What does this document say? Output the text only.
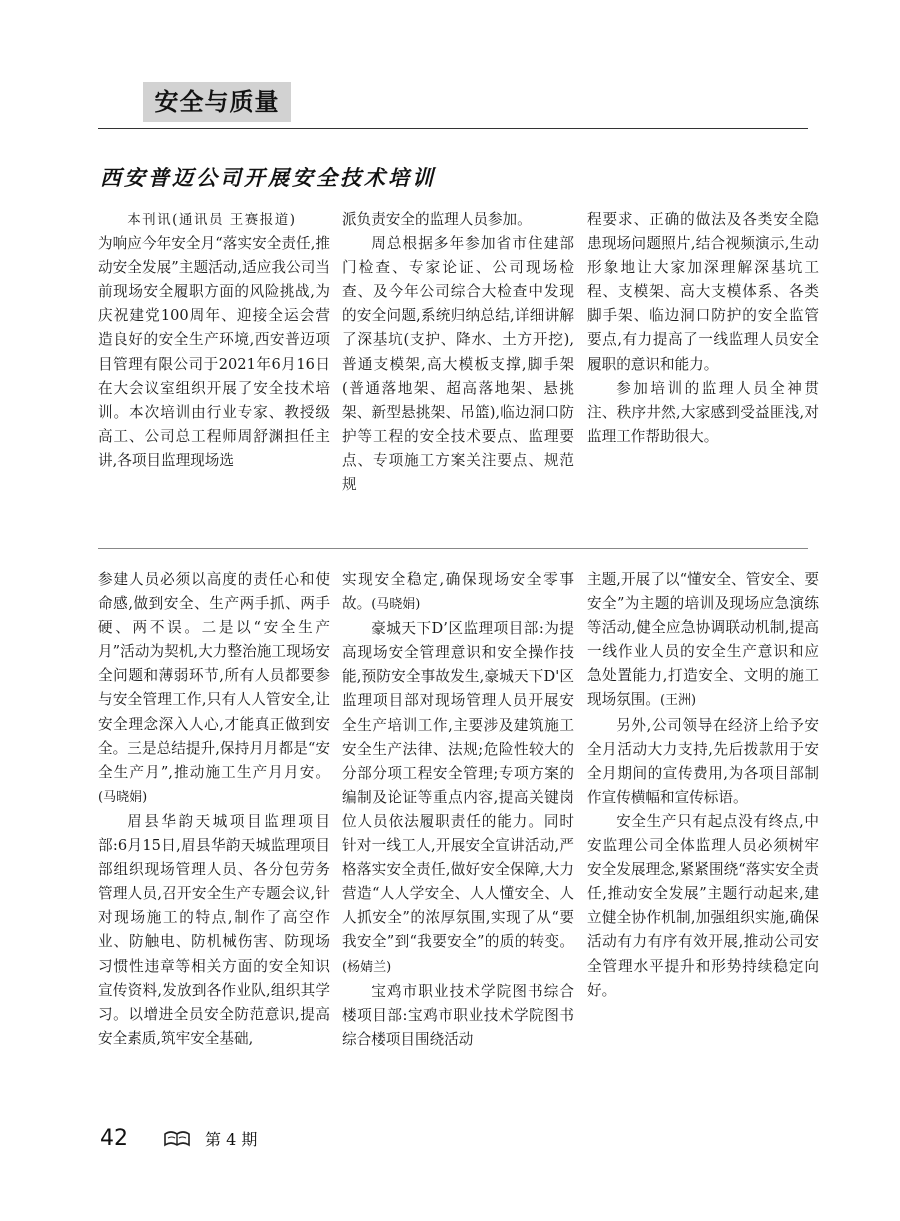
安全与质量
西安普迈公司开展安全技术培训

本刊讯(通讯员 王赛报道)

为响应今年安全月“落实安全责任,推动安全发展”主题活动,适应我公司当前现场安全履职方面的风险挑战,为庆祝建党100周年、迎接全运会营造良好的安全生产环境,西安普迈项目管理有限公司于2021年6月16日在大会议室组织开展了安全技术培训。本次培训由行业专家、教授级高工、公司总工程师周舒渊担任主讲,各项目监理现场选

派负责安全的监理人员参加。

周总根据多年参加省市住建部门检查、专家论证、公司现场检查、及今年公司综合大检查中发现的安全问题,系统归纳总结,详细讲解了深基坑(支护、降水、土方开挖),普通支模架,高大模板支撑,脚手架(普通落地架、超高落地架、悬挑架、新型悬挑架、吊篮),临边洞口防护等工程的安全技术要点、监理要点、专项施工方案关注要点、规范规

程要求、正确的做法及各类安全隐患现场问题照片,结合视频演示,生动形象地让大家加深理解深基坑工程、支模架、高大支模体系、各类脚手架、临边洞口防护的安全监管要点,有力提高了一线监理人员安全履职的意识和能力。

参加培训的监理人员全神贯注、秩序井然,大家感到受益匪浅,对监理工作帮助很大。

参建人员必须以高度的责任心和使命感,做到安全、生产两手抓、两手硬、两不误。二是以“安全生产月”活动为契机,大力整治施工现场安全问题和薄弱环节,所有人员都要参与安全管理工作,只有人人管安全,让安全理念深入人心,才能真正做到安全。三是总结提升,保持月月都是“安全生产月”,推动施工生产月月安。(马晓娟)

眉县华韵天城项目监理项目部:6月15日,眉县华韵天城监理项目部组织现场管理人员、各分包劳务管理人员,召开安全生产专题会议,针对现场施工的特点,制作了高空作业、防触电、防机械伤害、防现场习惯性违章等相关方面的安全知识宣传资料,发放到各作业队,组织其学习。以增进全员安全防范意识,提高安全素质,筑牢安全基础,

实现安全稳定,确保现场安全零事故。(马晓娟)

豪城天下D’区监理项目部:为提高现场安全管理意识和安全操作技能,预防安全事故发生,豪城天下D'区监理项目部对现场管理人员开展安全生产培训工作,主要涉及建筑施工安全生产法律、法规;危险性较大的分部分项工程安全管理;专项方案的编制及论证等重点内容,提高关键岗位人员依法履职责任的能力。同时针对一线工人,开展安全宣讲活动,严格落实安全责任,做好安全保障,大力营造“人人学安全、人人懂安全、人人抓安全”的浓厚氛围,实现了从“要我安全”到“我要安全”的质的转变。(杨婧兰)

宝鸡市职业技术学院图书综合楼项目部:宝鸡市职业技术学院图书综合楼项目围绕活动

主题,开展了以“懂安全、管安全、要安全”为主题的培训及现场应急演练等活动,健全应急协调联动机制,提高一线作业人员的安全生产意识和应急处置能力,打造安全、文明的施工现场氛围。(王洲)

另外,公司领导在经济上给予安全月活动大力支持,先后拨款用于安全月期间的宣传费用,为各项目部制作宣传横幅和宣传标语。

安全生产只有起点没有终点,中安监理公司全体监理人员必须树牢安全发展理念,紧紧围绕“落实安全责任,推动安全发展”主题行动起来,建立健全协作机制,加强组织实施,确保活动有力有序有效开展,推动公司安全管理水平提升和形势持续稳定向好。

42	第 4 期
